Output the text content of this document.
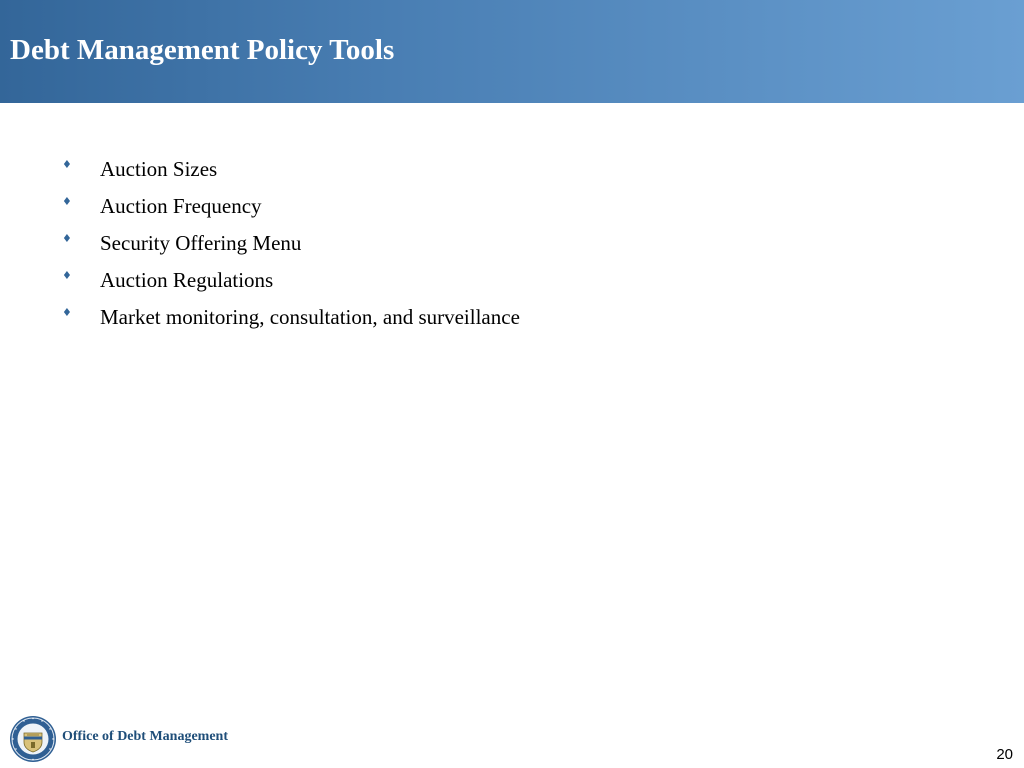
Debt Management Policy Tools
♦	Auction Sizes
♦	Auction Frequency
♦	Security Offering Menu
♦	Auction Regulations
♦	Market monitoring, consultation, and surveillance
Office of Debt Management
20
